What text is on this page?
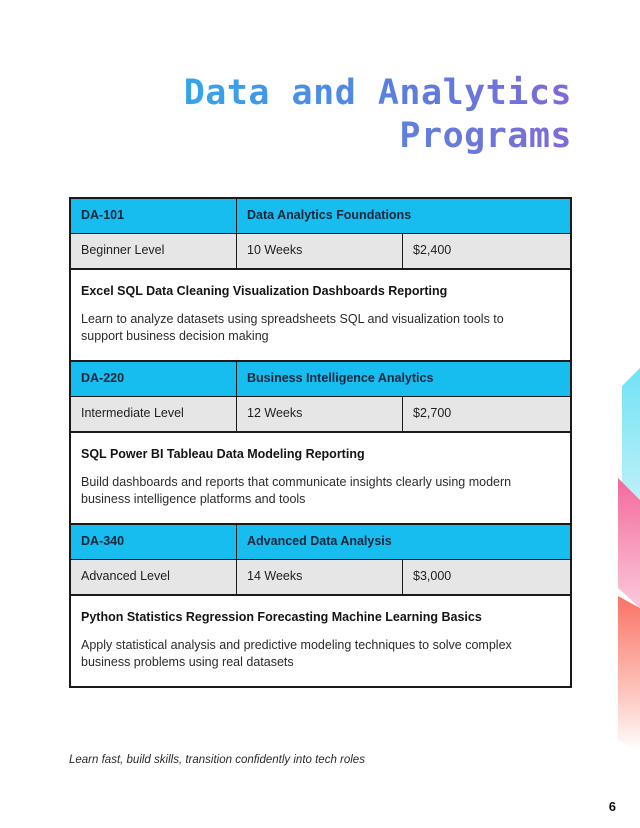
Data and Analytics
Programs
DA-101	Data Analytics Foundations
Beginner Level	10 Weeks	$2,400

Excel SQL Data Cleaning Visualization Dashboards Reporting

Learn to analyze datasets using spreadsheets SQL and visualization tools to support business decision making

DA-220	Business Intelligence Analytics
Intermediate Level	12 Weeks	$2,700

SQL Power BI Tableau Data Modeling Reporting

Build dashboards and reports that communicate insights clearly using modern business intelligence platforms and tools

DA-340	Advanced Data Analysis
Advanced Level	14 Weeks	$3,000

Python Statistics Regression Forecasting Machine Learning Basics

Apply statistical analysis and predictive modeling techniques to solve complex business problems using real datasets

Learn fast, build skills, transition confidently into tech roles
6
